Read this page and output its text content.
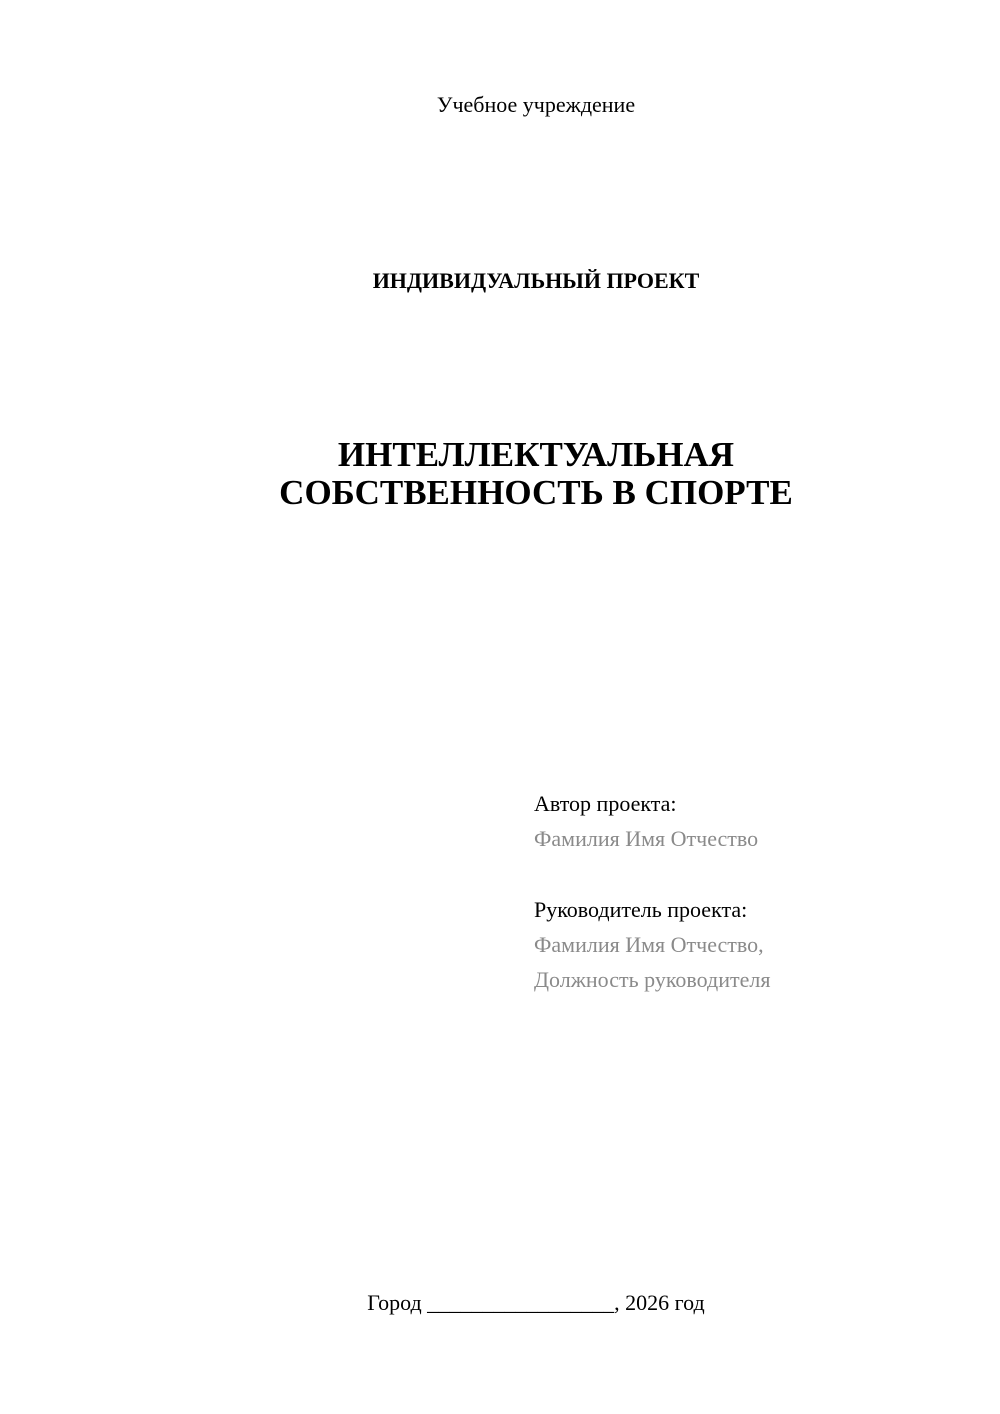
Учебное учреждение
ИНДИВИДУАЛЬНЫЙ ПРОЕКТ
ИНТЕЛЛЕКТУАЛЬНАЯ
СОБСТВЕННОСТЬ В СПОРТЕ
Автор проекта:
Фамилия Имя Отчество
Руководитель проекта:
Фамилия Имя Отчество,
Должность руководителя
Город _________________, 2026 год
